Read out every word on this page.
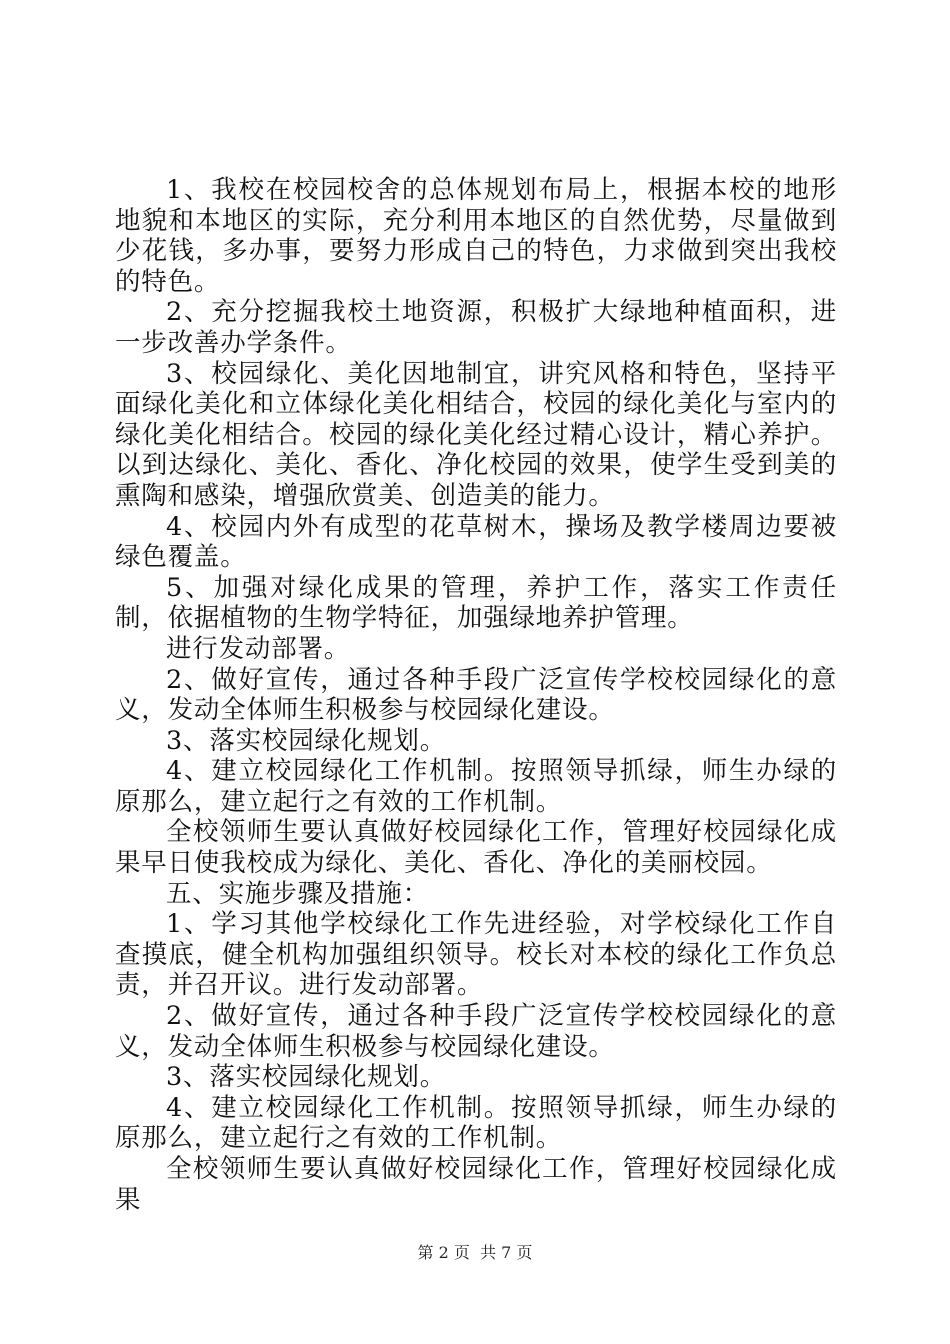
1、我校在校园校舍的总体规划布局上，根据本校的地形地貌和本地区的实际，充分利用本地区的自然优势，尽量做到少花钱，多办事，要努力形成自己的特色，力求做到突出我校的特色。

2、充分挖掘我校土地资源，积极扩大绿地种植面积，进一步改善办学条件。

3、校园绿化、美化因地制宜，讲究风格和特色，坚持平面绿化美化和立体绿化美化相结合，校园的绿化美化与室内的绿化美化相结合。校园的绿化美化经过精心设计，精心养护。以到达绿化、美化、香化、净化校园的效果，使学生受到美的熏陶和感染，增强欣赏美、创造美的能力。

4、校园内外有成型的花草树木，操场及教学楼周边要被绿色覆盖。

5、加强对绿化成果的管理，养护工作，落实工作责任制，依据植物的生物学特征，加强绿地养护管理。

进行发动部署。

2、做好宣传，通过各种手段广泛宣传学校校园绿化的意义，发动全体师生积极参与校园绿化建设。

3、落实校园绿化规划。

4、建立校园绿化工作机制。按照领导抓绿，师生办绿的原那么，建立起行之有效的工作机制。

全校领师生要认真做好校园绿化工作，管理好校园绿化成果早日使我校成为绿化、美化、香化、净化的美丽校园。

五、实施步骤及措施：

1、学习其他学校绿化工作先进经验，对学校绿化工作自查摸底，健全机构加强组织领导。校长对本校的绿化工作负总责，并召开议。进行发动部署。

2、做好宣传，通过各种手段广泛宣传学校校园绿化的意义，发动全体师生积极参与校园绿化建设。

3、落实校园绿化规划。

4、建立校园绿化工作机制。按照领导抓绿，师生办绿的原那么，建立起行之有效的工作机制。

全校领师生要认真做好校园绿化工作，管理好校园绿化成果

第 2 页  共 7 页
